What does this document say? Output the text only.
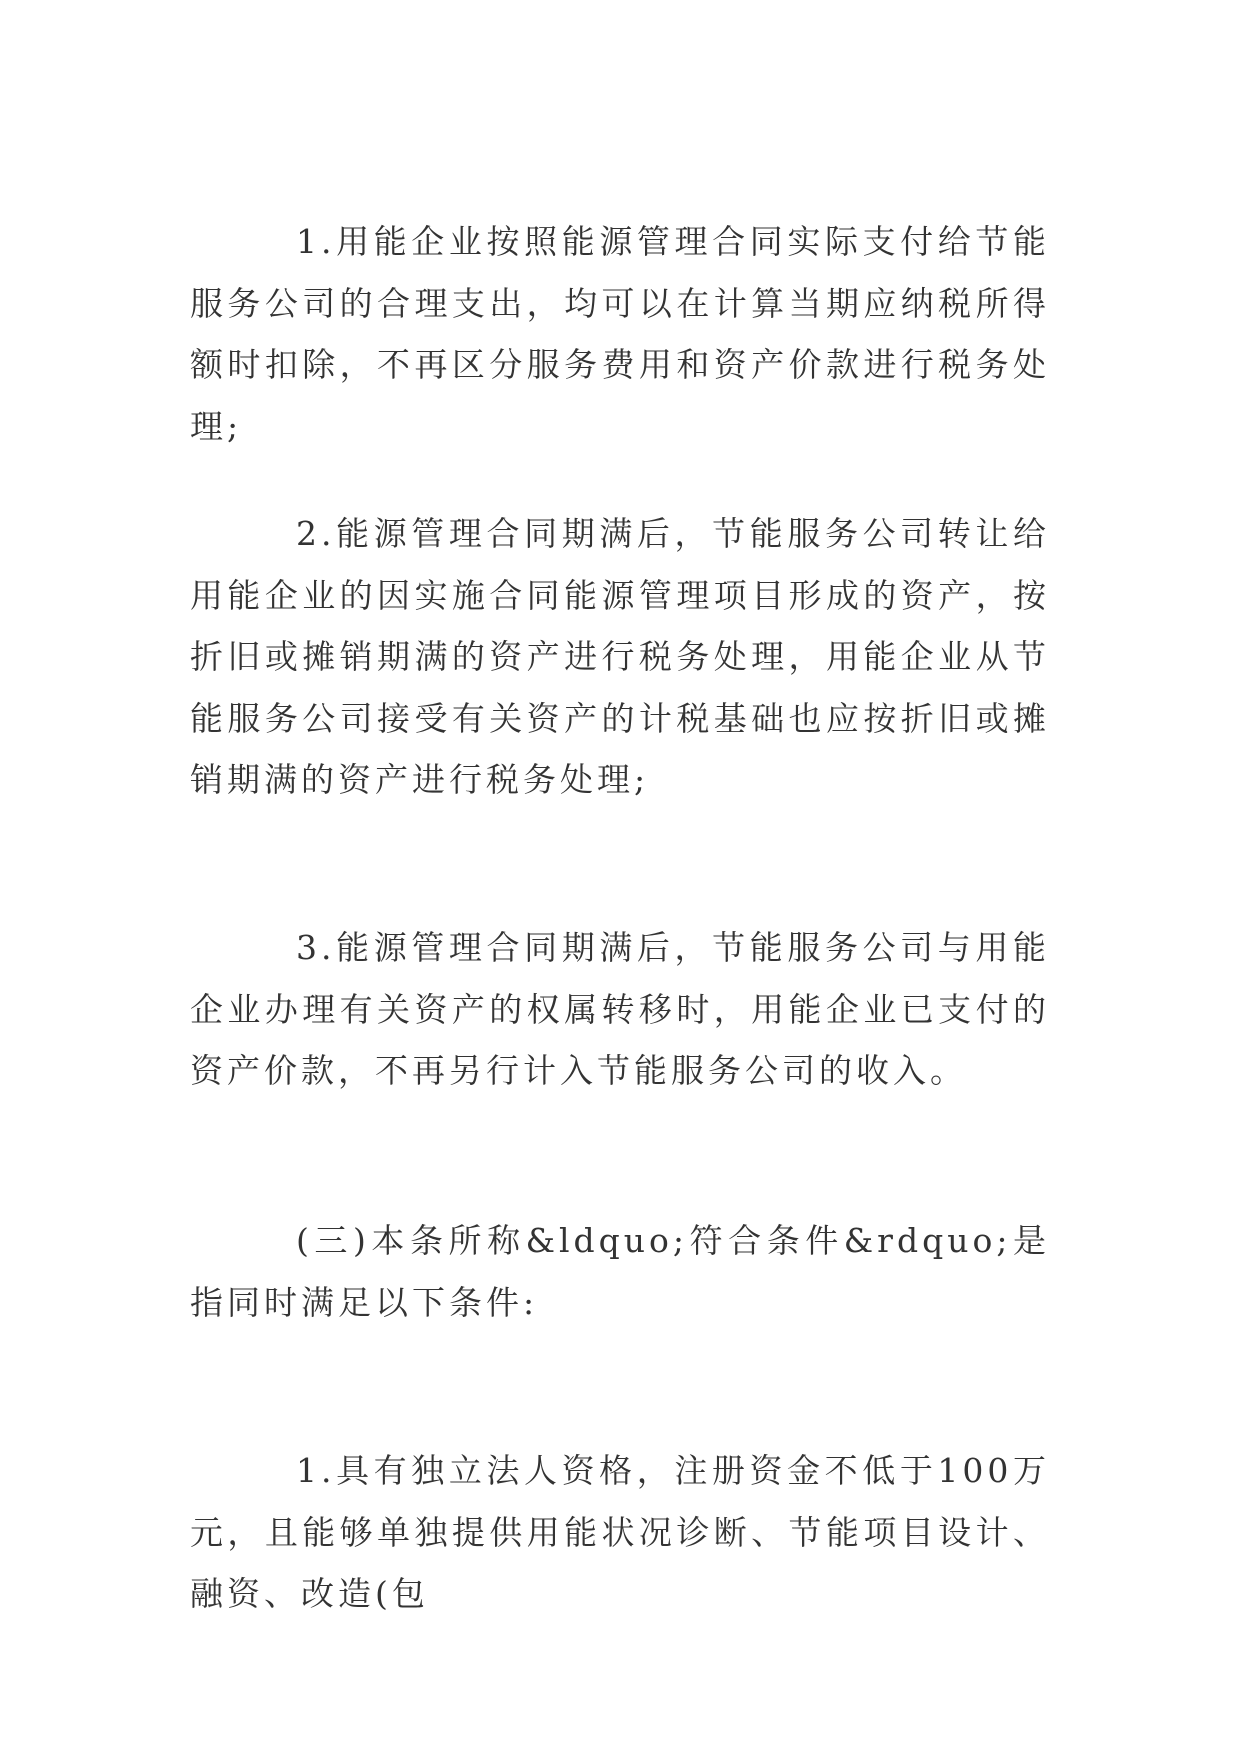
1.用能企业按照能源管理合同实际支付给节能服务公司的合理支出，均可以在计算当期应纳税所得额时扣除，不再区分服务费用和资产价款进行税务处理;

2.能源管理合同期满后，节能服务公司转让给用能企业的因实施合同能源管理项目形成的资产，按折旧或摊销期满的资产进行税务处理，用能企业从节能服务公司接受有关资产的计税基础也应按折旧或摊销期满的资产进行税务处理;

3.能源管理合同期满后，节能服务公司与用能企业办理有关资产的权属转移时，用能企业已支付的资产价款，不再另行计入节能服务公司的收入。

(三)本条所称&ldquo;符合条件&rdquo;是指同时满足以下条件:

1.具有独立法人资格，注册资金不低于100万元，且能够单独提供用能状况诊断、节能项目设计、融资、改造(包
